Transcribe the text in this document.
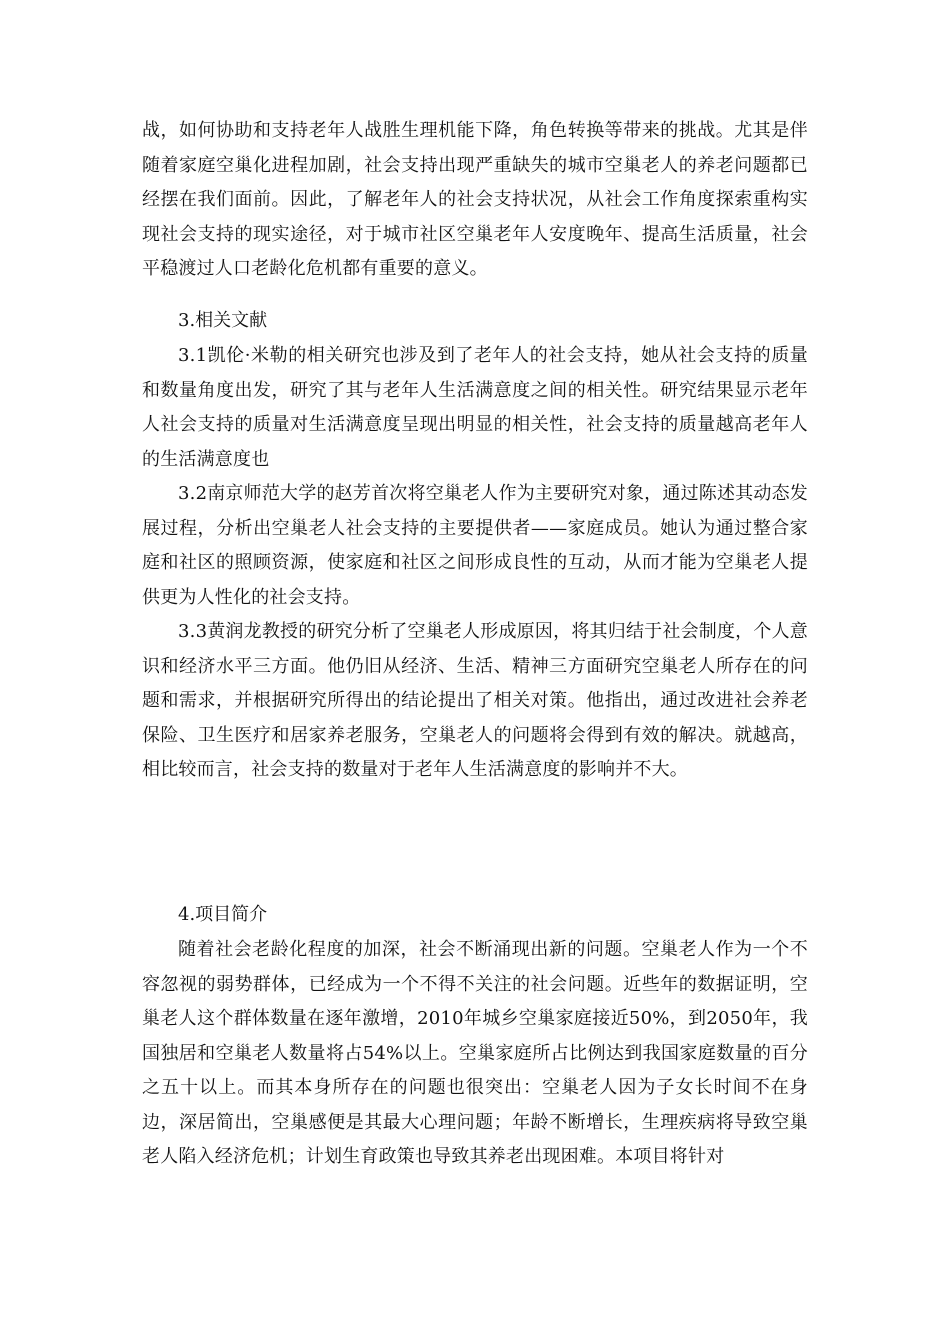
战，如何协助和支持老年人战胜生理机能下降，角色转换等带来的挑战。尤其是伴随着家庭空巢化进程加剧，社会支持出现严重缺失的城市空巢老人的养老问题都已经摆在我们面前。因此，了解老年人的社会支持状况，从社会工作角度探索重构实现社会支持的现实途径，对于城市社区空巢老年人安度晚年、提高生活质量，社会平稳渡过人口老龄化危机都有重要的意义。

3.相关文献

3.1凯伦·米勒的相关研究也涉及到了老年人的社会支持，她从社会支持的质量和数量角度出发，研究了其与老年人生活满意度之间的相关性。研究结果显示老年人社会支持的质量对生活满意度呈现出明显的相关性，社会支持的质量越高老年人的生活满意度也

3.2南京师范大学的赵芳首次将空巢老人作为主要研究对象，通过陈述其动态发展过程，分析出空巢老人社会支持的主要提供者——家庭成员。她认为通过整合家庭和社区的照顾资源，使家庭和社区之间形成良性的互动，从而才能为空巢老人提供更为人性化的社会支持。

3.3黄润龙教授的研究分析了空巢老人形成原因，将其归结于社会制度，个人意识和经济水平三方面。他仍旧从经济、生活、精神三方面研究空巢老人所存在的问题和需求，并根据研究所得出的结论提出了相关对策。他指出，通过改进社会养老保险、卫生医疗和居家养老服务，空巢老人的问题将会得到有效的解决。就越高，相比较而言，社会支持的数量对于老年人生活满意度的影响并不大。

4.项目简介

随着社会老龄化程度的加深，社会不断涌现出新的问题。空巢老人作为一个不容忽视的弱势群体，已经成为一个不得不关注的社会问题。近些年的数据证明，空巢老人这个群体数量在逐年激增，2010年城乡空巢家庭接近50%，到2050年，我国独居和空巢老人数量将占54%以上。空巢家庭所占比例达到我国家庭数量的百分之五十以上。而其本身所存在的问题也很突出：空巢老人因为子女长时间不在身边，深居简出，空巢感便是其最大心理问题；年龄不断增长，生理疾病将导致空巢老人陷入经济危机；计划生育政策也导致其养老出现困难。本项目将针对
